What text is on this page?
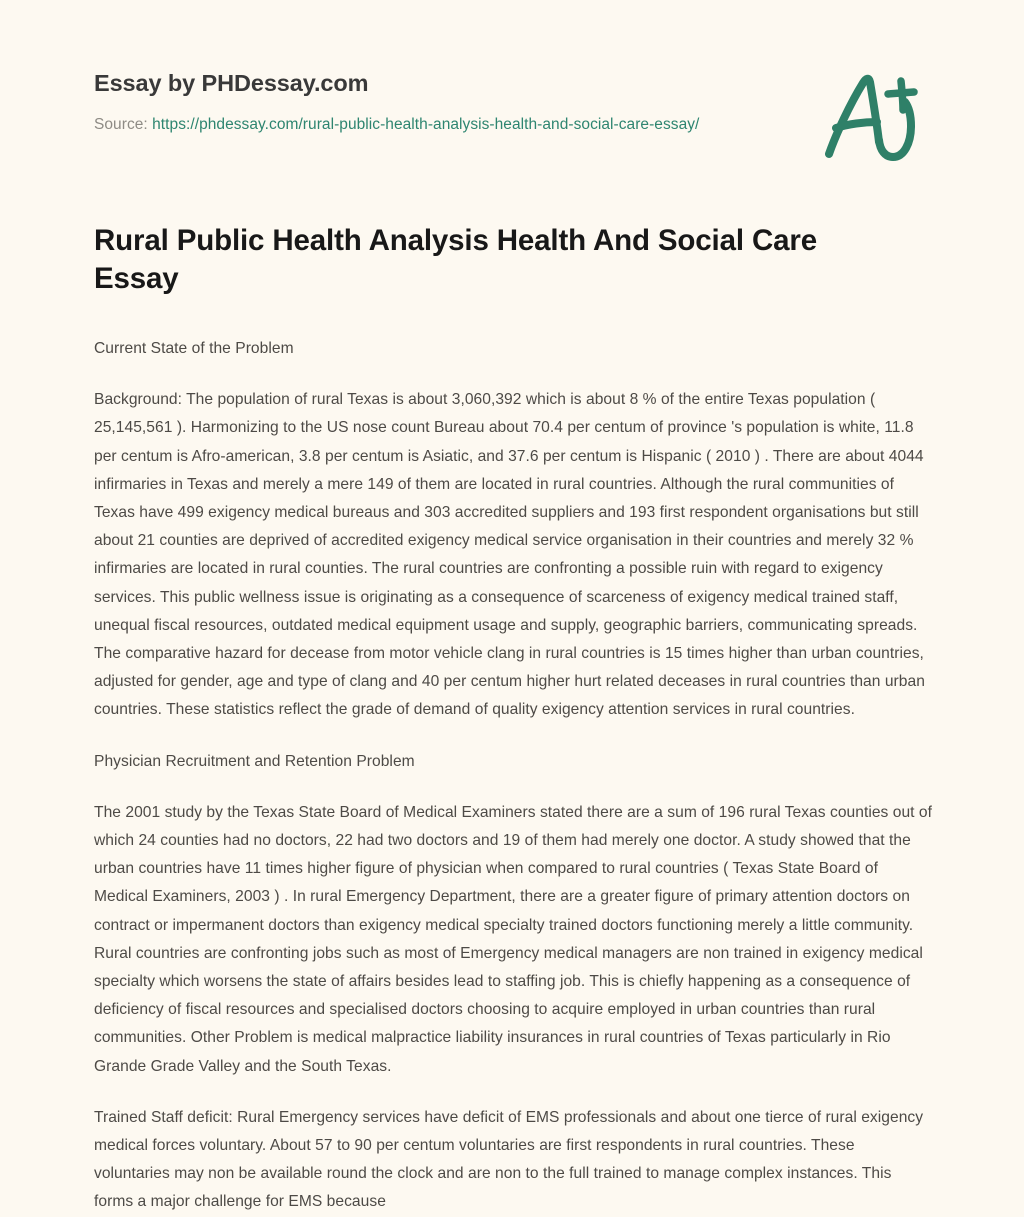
Essay by PHDessay.com
Source: https://phdessay.com/rural-public-health-analysis-health-and-social-care-essay/
Rural Public Health Analysis Health And Social Care Essay

Current State of the Problem

Background: The population of rural Texas is about 3,060,392 which is about 8 % of the entire Texas population ( 25,145,561 ). Harmonizing to the US nose count Bureau about 70.4 per centum of province 's population is white, 11.8 per centum is Afro-american, 3.8 per centum is Asiatic, and 37.6 per centum is Hispanic ( 2010 ) . There are about 4044 infirmaries in Texas and merely a mere 149 of them are located in rural countries. Although the rural communities of Texas have 499 exigency medical bureaus and 303 accredited suppliers and 193 first respondent organisations but still about 21 counties are deprived of accredited exigency medical service organisation in their countries and merely 32 % infirmaries are located in rural counties. The rural countries are confronting a possible ruin with regard to exigency services. This public wellness issue is originating as a consequence of scarceness of exigency medical trained staff, unequal fiscal resources, outdated medical equipment usage and supply, geographic barriers, communicating spreads. The comparative hazard for decease from motor vehicle clang in rural countries is 15 times higher than urban countries, adjusted for gender, age and type of clang and 40 per centum higher hurt related deceases in rural countries than urban countries. These statistics reflect the grade of demand of quality exigency attention services in rural countries.

Physician Recruitment and Retention Problem

The 2001 study by the Texas State Board of Medical Examiners stated there are a sum of 196 rural Texas counties out of which 24 counties had no doctors, 22 had two doctors and 19 of them had merely one doctor. A study showed that the urban countries have 11 times higher figure of physician when compared to rural countries ( Texas State Board of Medical Examiners, 2003 ) . In rural Emergency Department, there are a greater figure of primary attention doctors on contract or impermanent doctors than exigency medical specialty trained doctors functioning merely a little community. Rural countries are confronting jobs such as most of Emergency medical managers are non trained in exigency medical specialty which worsens the state of affairs besides lead to staffing job. This is chiefly happening as a consequence of deficiency of fiscal resources and specialised doctors choosing to acquire employed in urban countries than rural communities. Other Problem is medical malpractice liability insurances in rural countries of Texas particularly in Rio Grande Grade Valley and the South Texas.

Trained Staff deficit: Rural Emergency services have deficit of EMS professionals and about one tierce of rural exigency medical forces voluntary. About 57 to 90 per centum voluntaries are first respondents in rural countries. These voluntaries may non be available round the clock and are non to the full trained to manage complex instances. This forms a major challenge for EMS because
